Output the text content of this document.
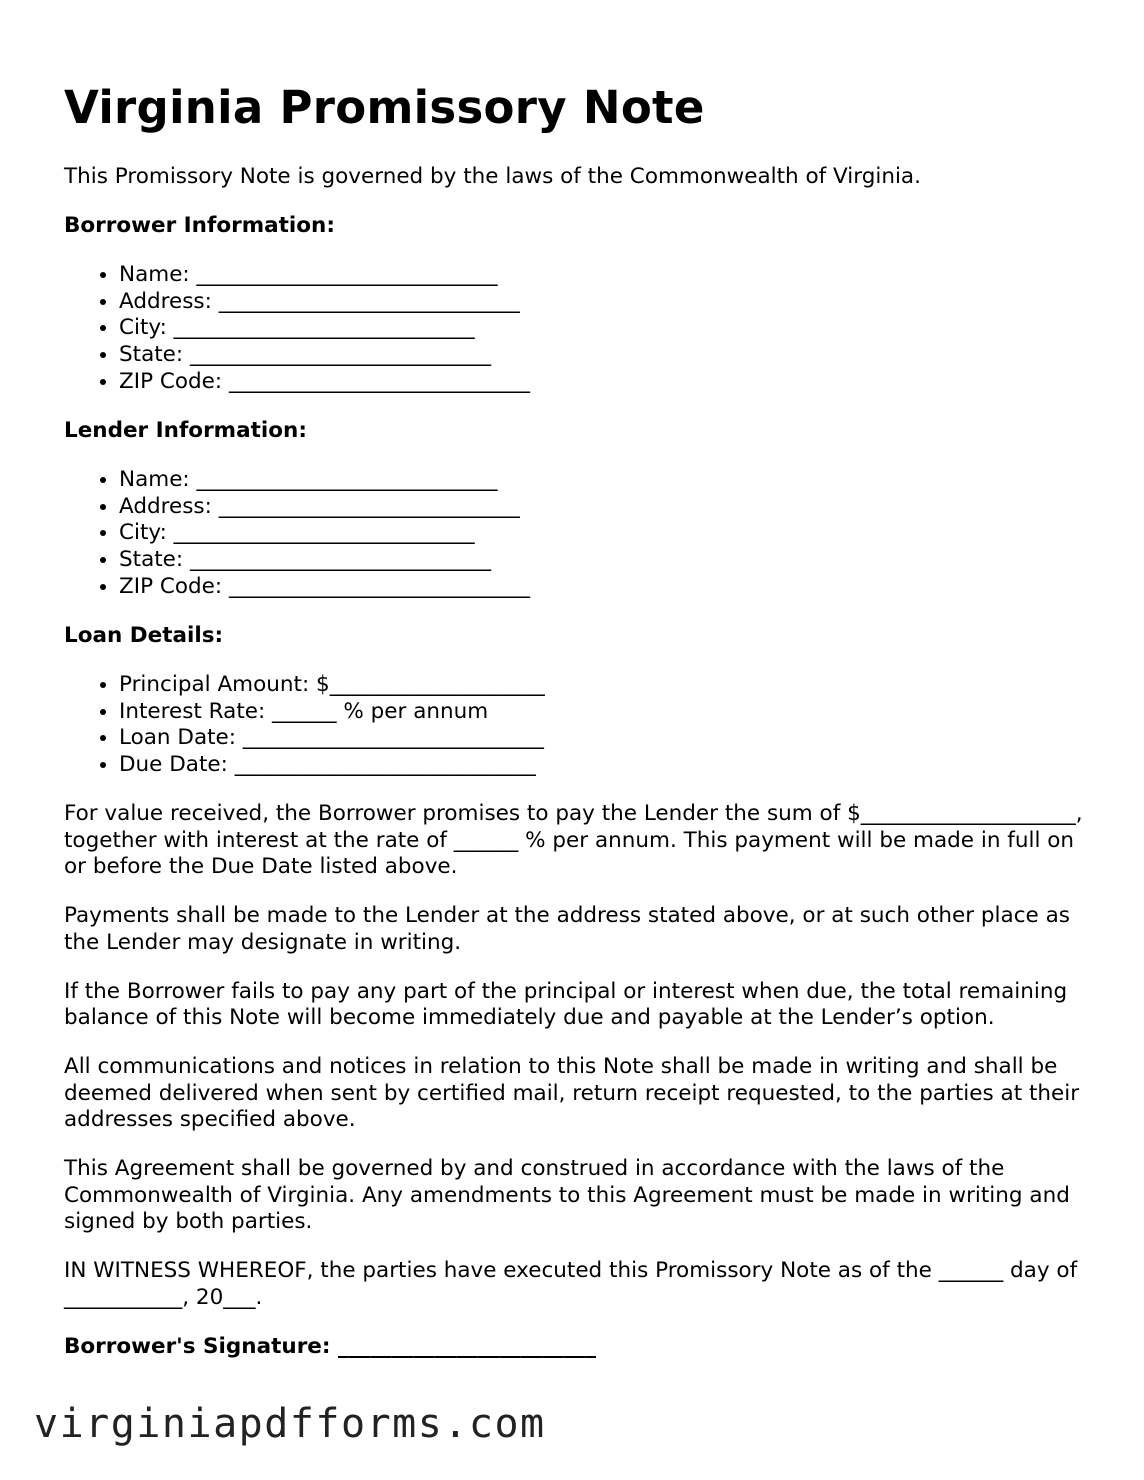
Virginia Promissory Note

This Promissory Note is governed by the laws of the Commonwealth of Virginia.

Borrower Information:

• Name: ____________________________
• Address: ____________________________
• City: ____________________________
• State: ____________________________
• ZIP Code: ____________________________

Lender Information:

• Name: ____________________________
• Address: ____________________________
• City: ____________________________
• State: ____________________________
• ZIP Code: ____________________________

Loan Details:

• Principal Amount: $____________________
• Interest Rate: ______ % per annum
• Loan Date: ____________________________
• Due Date: ____________________________

For value received, the Borrower promises to pay the Lender the sum of $____________________, together with interest at the rate of ______ % per annum. This payment will be made in full on or before the Due Date listed above.

Payments shall be made to the Lender at the address stated above, or at such other place as the Lender may designate in writing.

If the Borrower fails to pay any part of the principal or interest when due, the total remaining balance of this Note will become immediately due and payable at the Lender’s option.

All communications and notices in relation to this Note shall be made in writing and shall be deemed delivered when sent by certified mail, return receipt requested, to the parties at their addresses specified above.

This Agreement shall be governed by and construed in accordance with the laws of the Commonwealth of Virginia. Any amendments to this Agreement must be made in writing and signed by both parties.

IN WITNESS WHEREOF, the parties have executed this Promissory Note as of the ______ day of ___________, 20___.

Borrower's Signature: ________________________

virginiapdfforms.com
